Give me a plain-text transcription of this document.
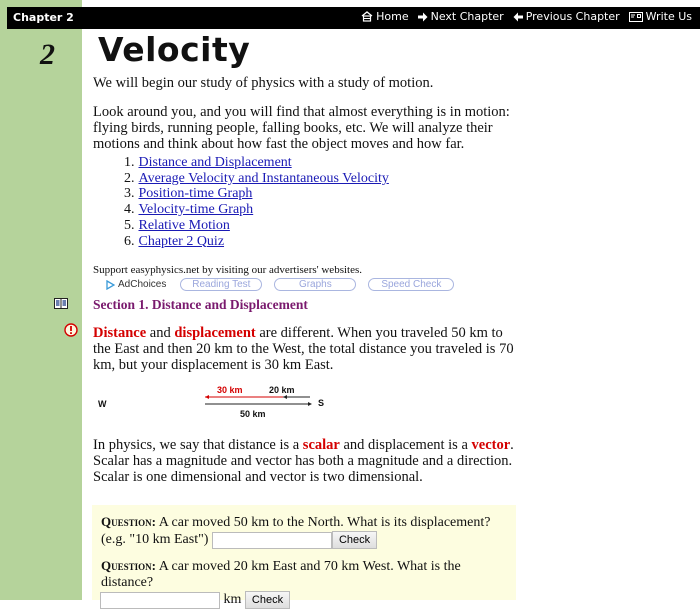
Chapter 2	Home Next Chapter Previous Chapter Write Us
2 Velocity
We will begin our study of physics with a study of motion.
Look around you, and you will find that almost everything is in motion: flying birds, running people, falling books, etc. We will analyze their motions and think about how fast the object moves and how far.
1. Distance and Displacement
2. Average Velocity and Instantaneous Velocity
3. Position-time Graph
4. Velocity-time Graph
5. Relative Motion
6. Chapter 2 Quiz
Support easyphysics.net by visiting our advertisers' websites.
AdChoices	Reading Test	Graphs	Speed Check
Section 1. Distance and Displacement
Distance and displacement are different. When you traveled 50 km to the East and then 20 km to the West, the total distance you traveled is 70 km, but your displacement is 30 km East.
W	S
30 km	20 km
50 km
In physics, we say that distance is a scalar and displacement is a vector. Scalar has a magnitude and vector has both a magnitude and a direction. Scalar is one dimensional and vector is two dimensional.
Question: A car moved 50 km to the North. What is its displacement?
(e.g. "10 km East")	Check
Question: A car moved 20 km East and 70 km West. What is the distance?
km Check
